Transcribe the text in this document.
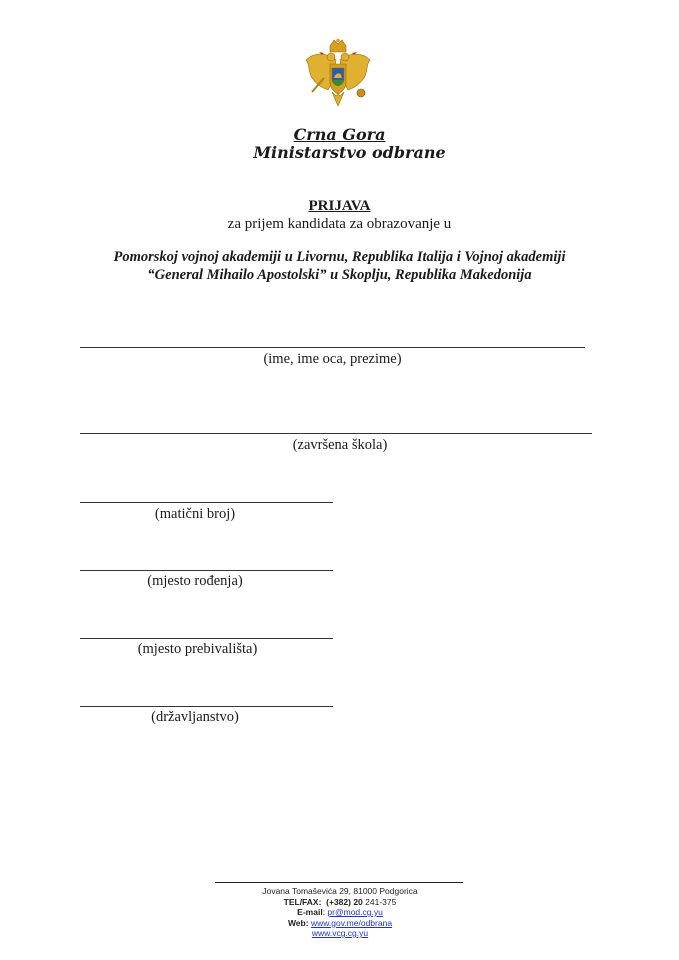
Crna Gora
Ministarstvo odbrane
PRIJAVA
za prijem kandidata za obrazovanje u
Pomorskoj vojnoj akademiji u Livornu, Republika Italija i Vojnoj akademiji
“General Mihailo Apostolski” u Skoplju, Republika Makedonija
(ime, ime oca, prezime)
(završena škola)
(matični broj)
(mjesto rođenja)
(mjesto prebivališta)
(državljanstvo)
Jovana Tomaševića 29, 81000 Podgorica
TEL/FAX: (+382) 20 241-375
E-mail: pr@mod.cg.yu
Web: www.gov.me/odbrana
www.vcg.cg.yu
